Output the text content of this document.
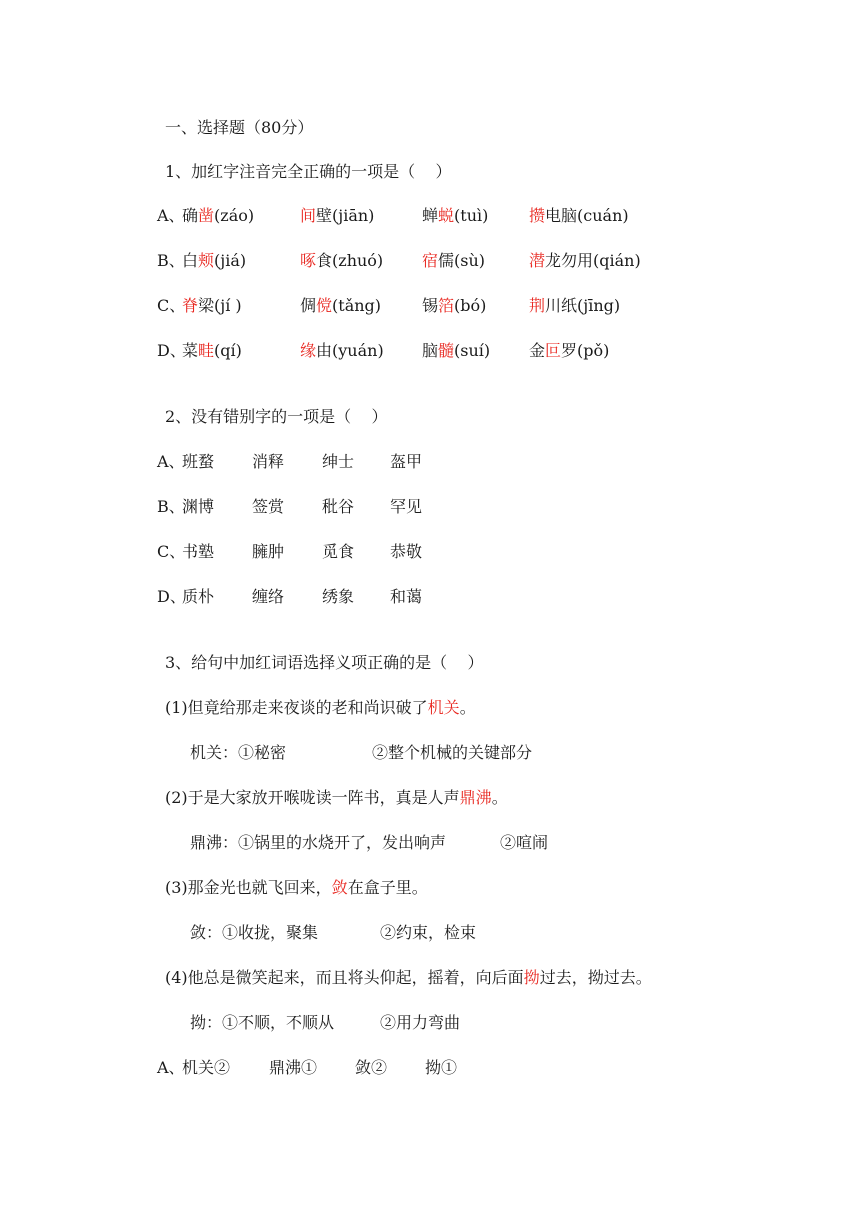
一、选择题（80分）
1、加红字注音完全正确的一项是（    ）
A、
确凿(záo)	间壁(jiān)	蝉蜕(tuì)	攒电脑(cuán)
B、
白颊(jiá)	啄食(zhuó) 宿儒(sù)	潜龙勿用(qián)
C、
脊梁(jí )	倜傥(tǎng)	锡箔(bó)	荆川纸(jīng)
D、
菜畦(qí)	缘由(yuán) 脑髓(suí) 金叵罗(pǒ)
2、没有错别字的一项是（    ）
A、
班蝥 消释 绅士 盔甲
B、
渊博 签赏 秕谷 罕见
C、
书塾 臃肿 觅食 恭敬
D、
质朴 缠络 绣象 和蔼
3、给句中加红词语选择义项正确的是（    ）
(1)但竟给那走来夜谈的老和尚识破了机关。
机关：①秘密	②整个机械的关键部分
(2)于是大家放开喉咙读一阵书，真是人声鼎沸。
鼎沸：①锅里的水烧开了，发出响声	②喧闹
(3)那金光也就飞回来，敛在盒子里。
敛：①收拢，聚集	②约束，检束
(4)他总是微笑起来，而且将头仰起，摇着，向后面拗过去，拗过去。
拗：①不顺，不顺从	②用力弯曲
A、
机关② 鼎沸① 敛② 拗①
